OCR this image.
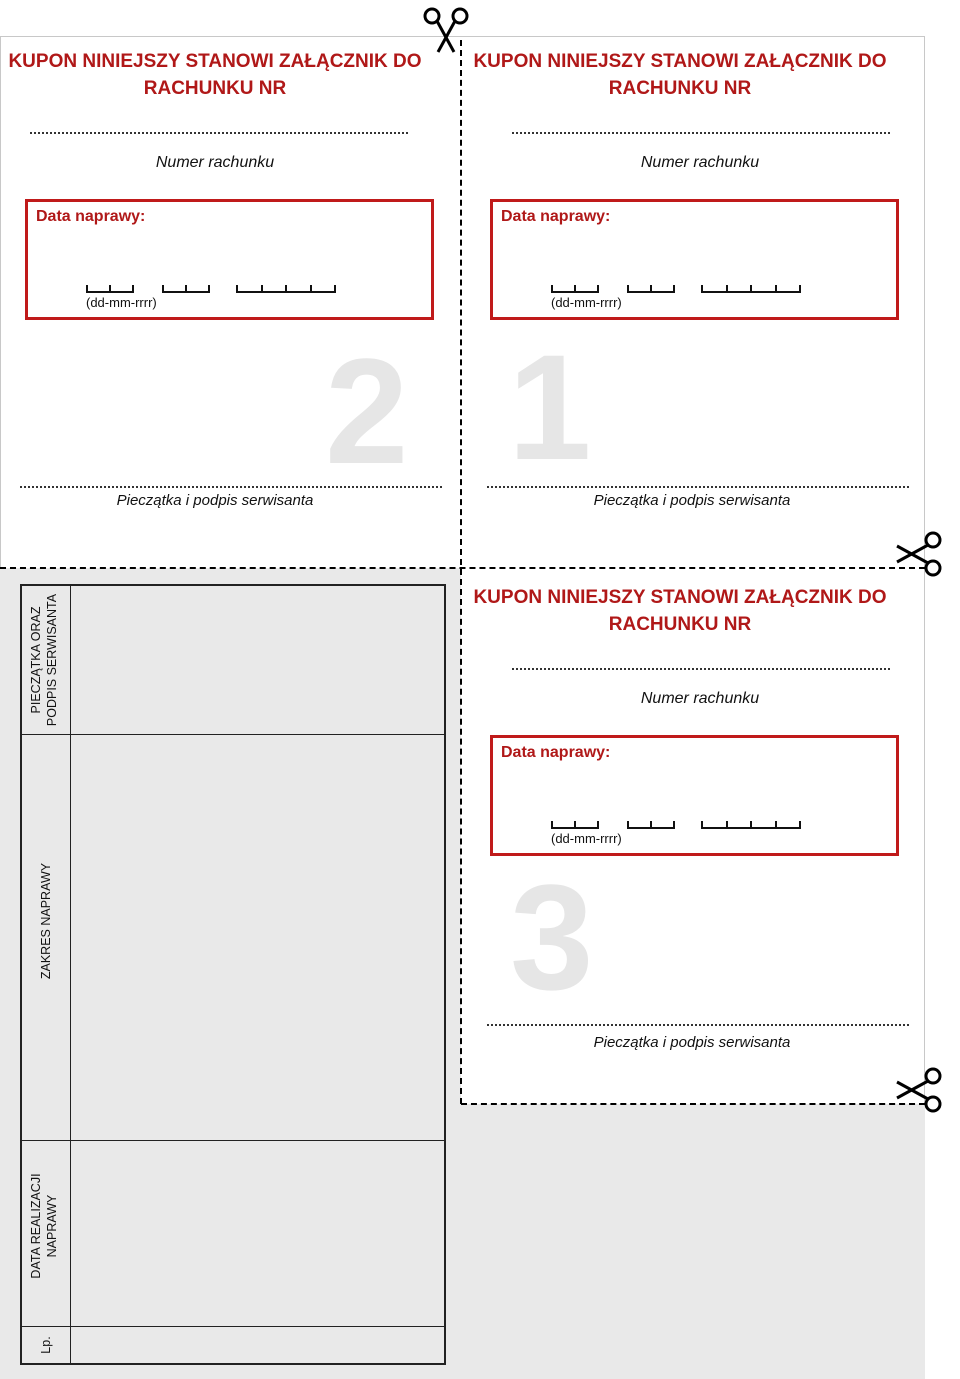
KUPON NINIEJSZY STANOWI ZAŁĄCZNIK DO RACHUNKU NR
Numer rachunku
Data naprawy:
(dd-mm-rrrr)
2
Pieczątka i podpis serwisanta
KUPON NINIEJSZY STANOWI ZAŁĄCZNIK DO RACHUNKU NR
Numer rachunku
Data naprawy:
(dd-mm-rrrr)
1
Pieczątka i podpis serwisanta
KUPON NINIEJSZY STANOWI ZAŁĄCZNIK DO RACHUNKU NR
Numer rachunku
Data naprawy:
(dd-mm-rrrr)
3
Pieczątka i podpis serwisanta
PIECZĄTKA ORAZ PODPIS SERWISANTA
ZAKRES NAPRAWY
DATA REALIZACJI NAPRAWY
Lp.
